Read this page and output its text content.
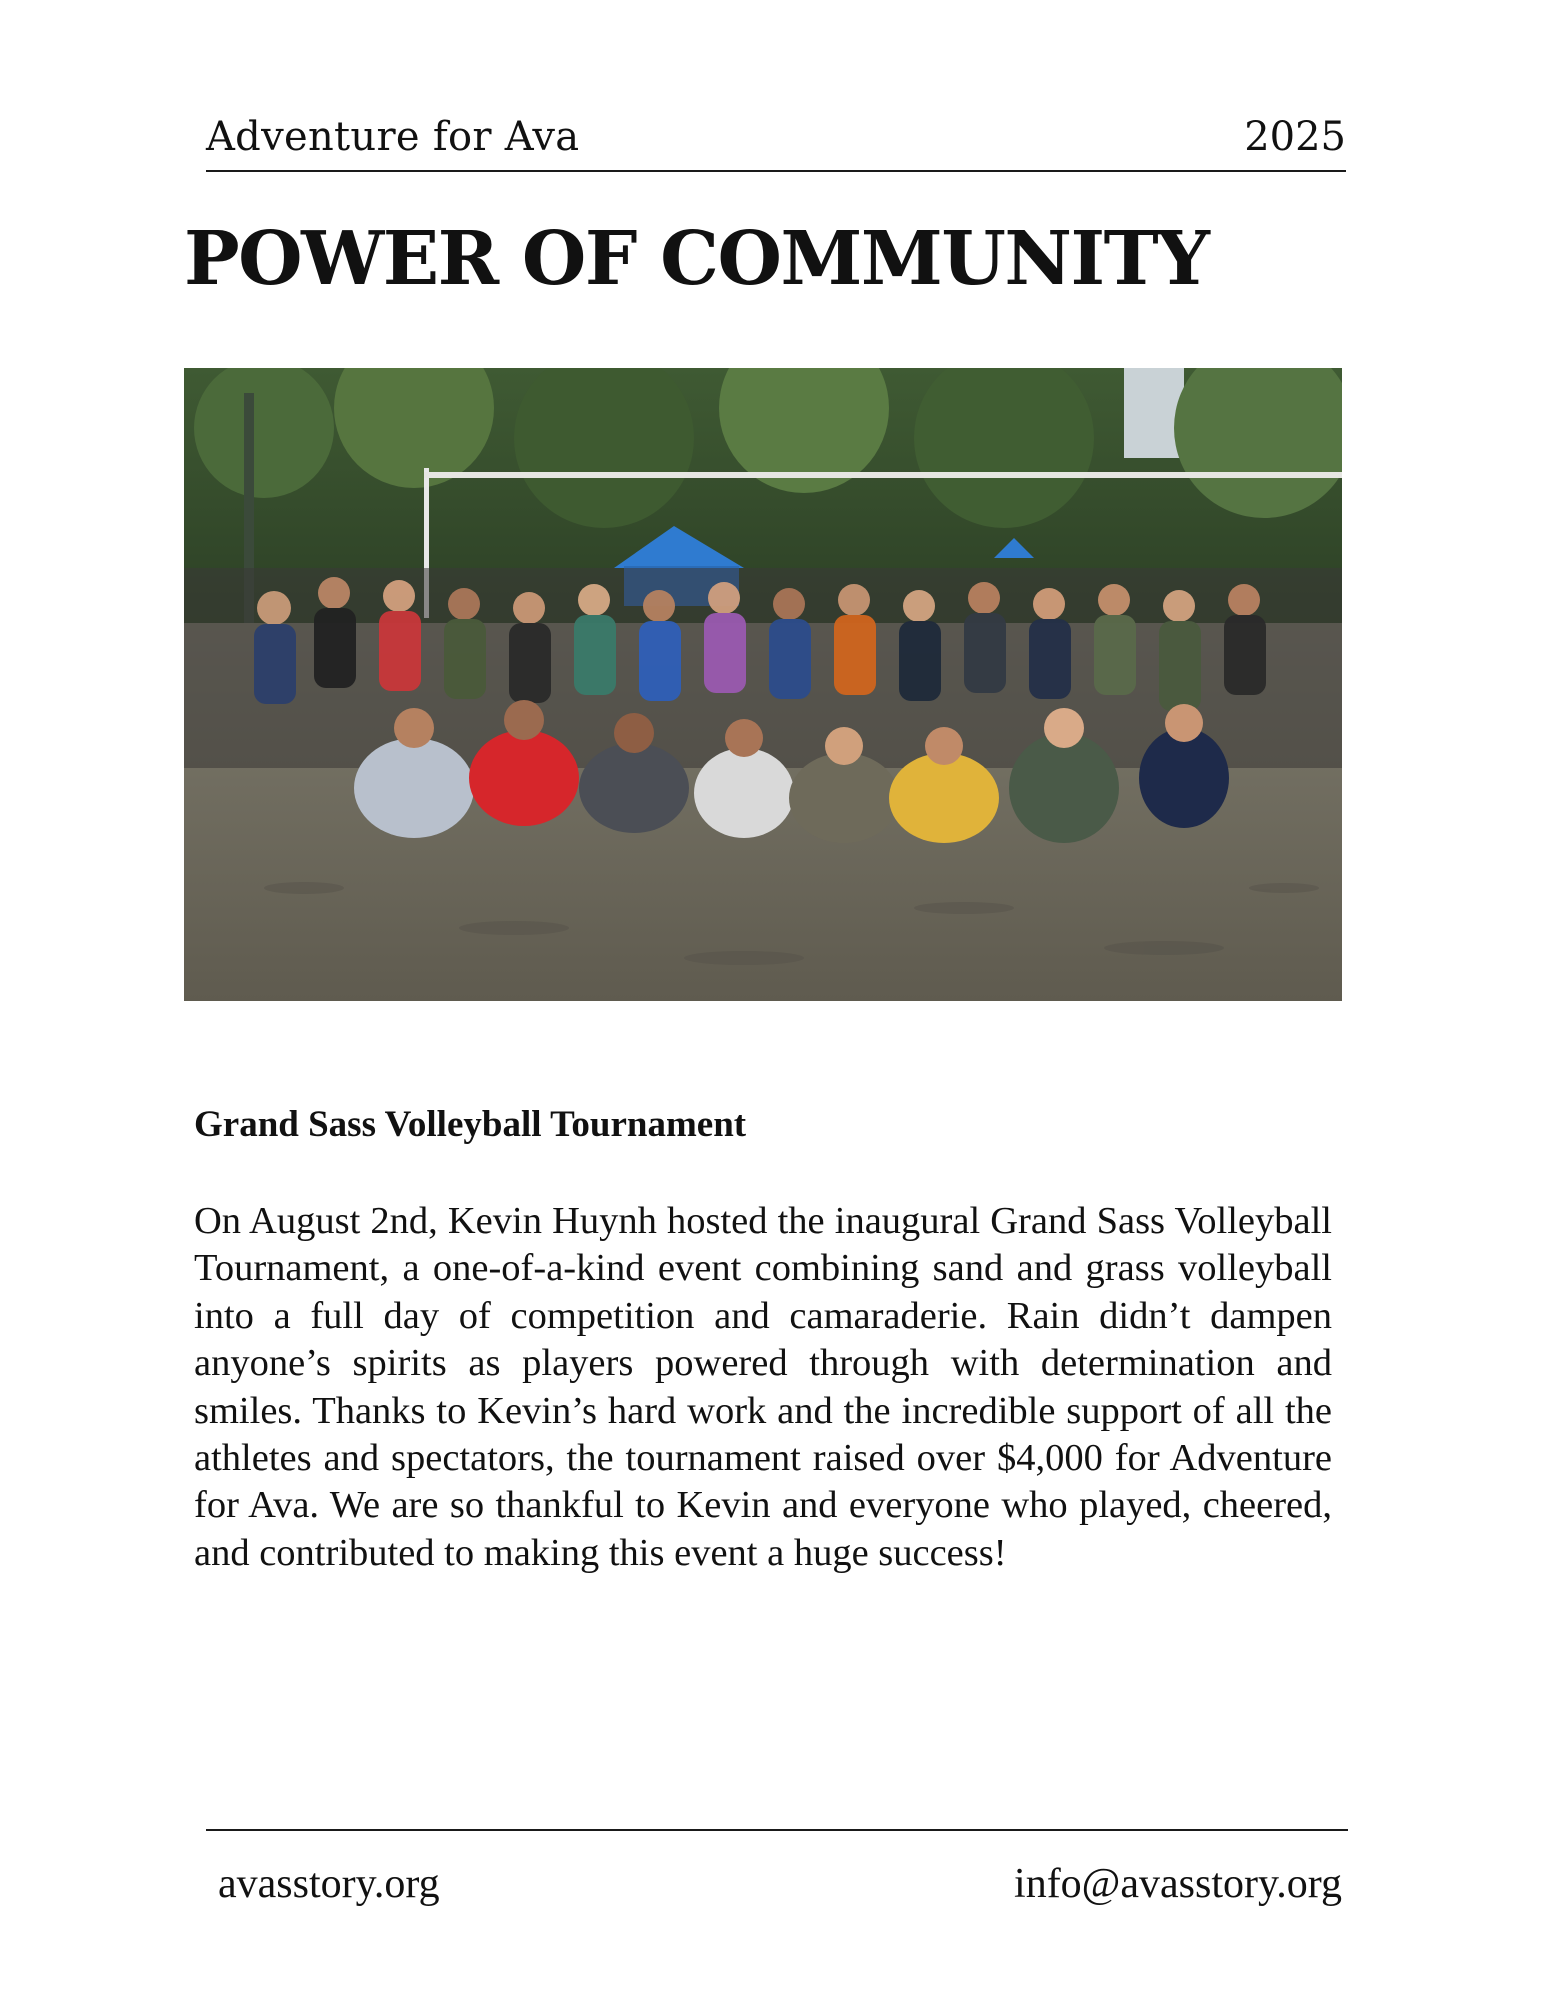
Adventure for Ava	2025
POWER OF COMMUNITY
Grand Sass Volleyball Tournament

On August 2nd, Kevin Huynh hosted the inaugural Grand Sass Volleyball Tournament, a one-of-a-kind event combining sand and grass volleyball into a full day of competition and camaraderie. Rain didn’t dampen anyone’s spirits as players powered through with determination and smiles. Thanks to Kevin’s hard work and the incredible support of all the athletes and spectators, the tournament raised over $4,000 for Adventure for Ava. We are so thankful to Kevin and everyone who played, cheered, and contributed to making this event a huge success!

avasstory.org	info@avasstory.org
